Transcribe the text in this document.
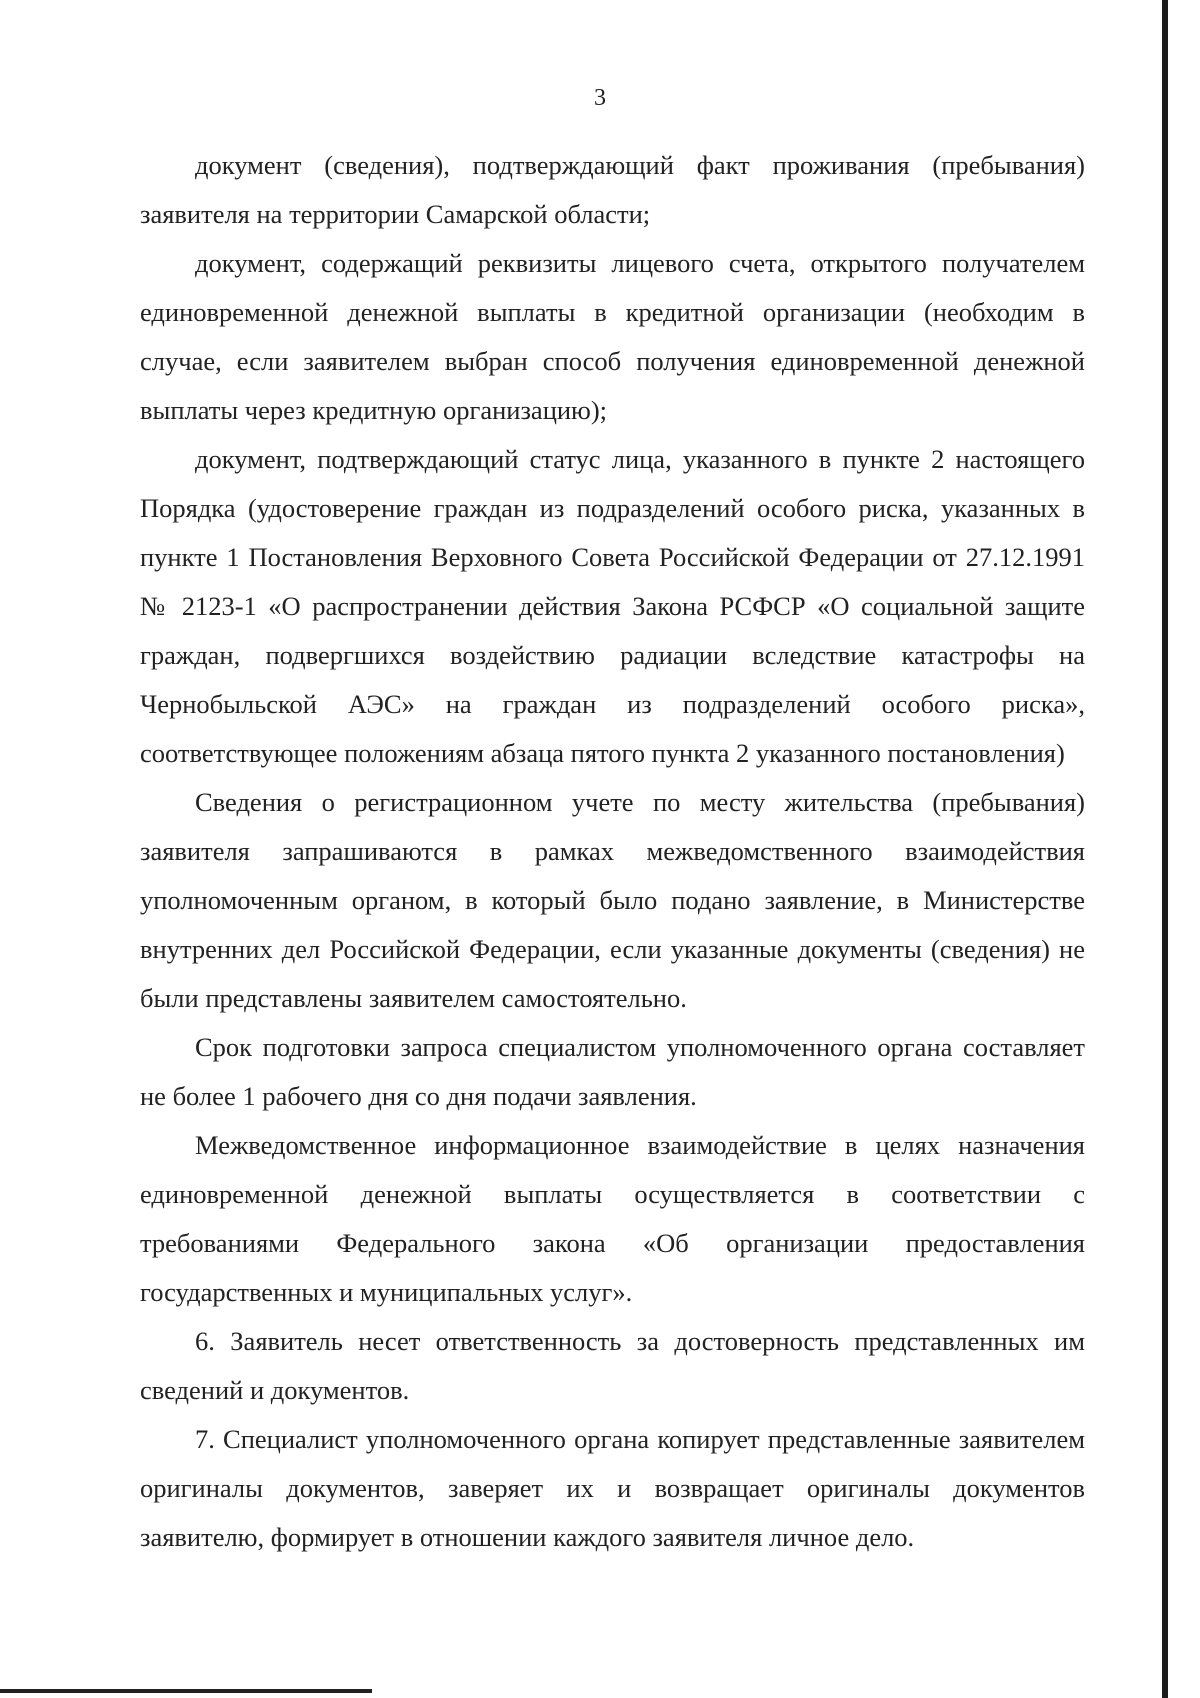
3

документ (сведения), подтверждающий факт проживания (пребывания) заявителя на территории Самарской области;

документ, содержащий реквизиты лицевого счета, открытого получателем единовременной денежной выплаты в кредитной организации (необходим в случае, если заявителем выбран способ получения единовременной денежной выплаты через кредитную организацию);

документ, подтверждающий статус лица, указанного в пункте 2 настоящего Порядка (удостоверение граждан из подразделений особого риска, указанных в пункте 1 Постановления Верховного Совета Российской Федерации от 27.12.1991 № 2123-1 «О распространении действия Закона РСФСР «О социальной защите граждан, подвергшихся воздействию радиации вследствие катастрофы на Чернобыльской АЭС» на граждан из подразделений особого риска», соответствующее положениям абзаца пятого пункта 2 указанного постановления)

Сведения о регистрационном учете по месту жительства (пребывания) заявителя запрашиваются в рамках межведомственного взаимодействия уполномоченным органом, в который было подано заявление, в Министерстве внутренних дел Российской Федерации, если указанные документы (сведения) не были представлены заявителем самостоятельно.

Срок подготовки запроса специалистом уполномоченного органа составляет не более 1 рабочего дня со дня подачи заявления.

Межведомственное информационное взаимодействие в целях назначения единовременной денежной выплаты осуществляется в соответствии с требованиями Федерального закона «Об организации предоставления государственных и муниципальных услуг».

6. Заявитель несет ответственность за достоверность представленных им сведений и документов.

7. Специалист уполномоченного органа копирует представленные заявителем оригиналы документов, заверяет их и возвращает оригиналы документов заявителю, формирует в отношении каждого заявителя личное дело.
